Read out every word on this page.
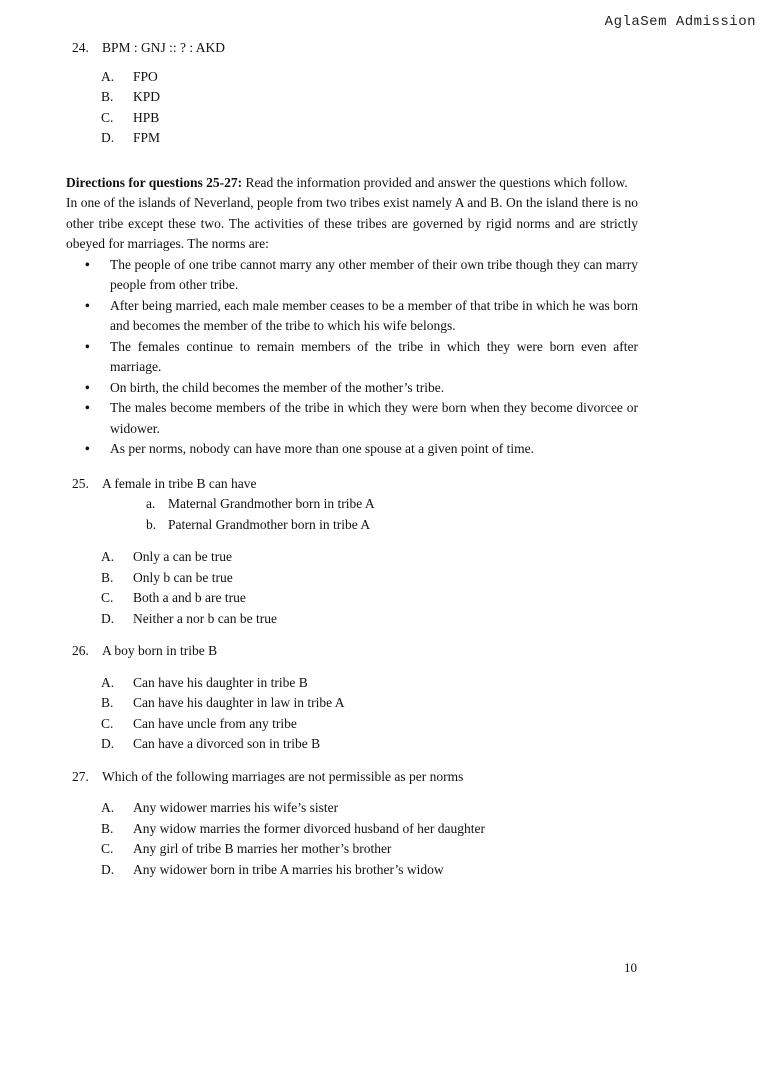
AglaSem Admission
24. BPM : GNJ :: ? : AKD
A.	FPO
B.	KPD
C.	HPB
D.	FPM
Directions for questions 25-27: Read the information provided and answer the questions which follow.
In one of the islands of Neverland, people from two tribes exist namely A and B. On the island there is no other tribe except these two. The activities of these tribes are governed by rigid norms and are strictly obeyed for marriages. The norms are:
•	The people of one tribe cannot marry any other member of their own tribe though they can marry people from other tribe.
•	After being married, each male member ceases to be a member of that tribe in which he was born and becomes the member of the tribe to which his wife belongs.
•	The females continue to remain members of the tribe in which they were born even after marriage.
•	On birth, the child becomes the member of the mother’s tribe.
•	The males become members of the tribe in which they were born when they become divorcee or widower.
•	As per norms, nobody can have more than one spouse at a given point of time.
25. A female in tribe B can have
a. Maternal Grandmother born in tribe A
b. Paternal Grandmother born in tribe A
A.	Only a can be true
B.	Only b can be true
C.	Both a and b are true
D.	Neither a nor b can be true
26. A boy born in tribe B
A.	Can have his daughter in tribe B
B.	Can have his daughter in law in tribe A
C.	Can have uncle from any tribe
D.	Can have a divorced son in tribe B
27. Which of the following marriages are not permissible as per norms
A.	Any widower marries his wife’s sister
B.	Any widow marries the former divorced husband of her daughter
C.	Any girl of tribe B marries her mother’s brother
D.	Any widower born in tribe A marries his brother’s widow
10
